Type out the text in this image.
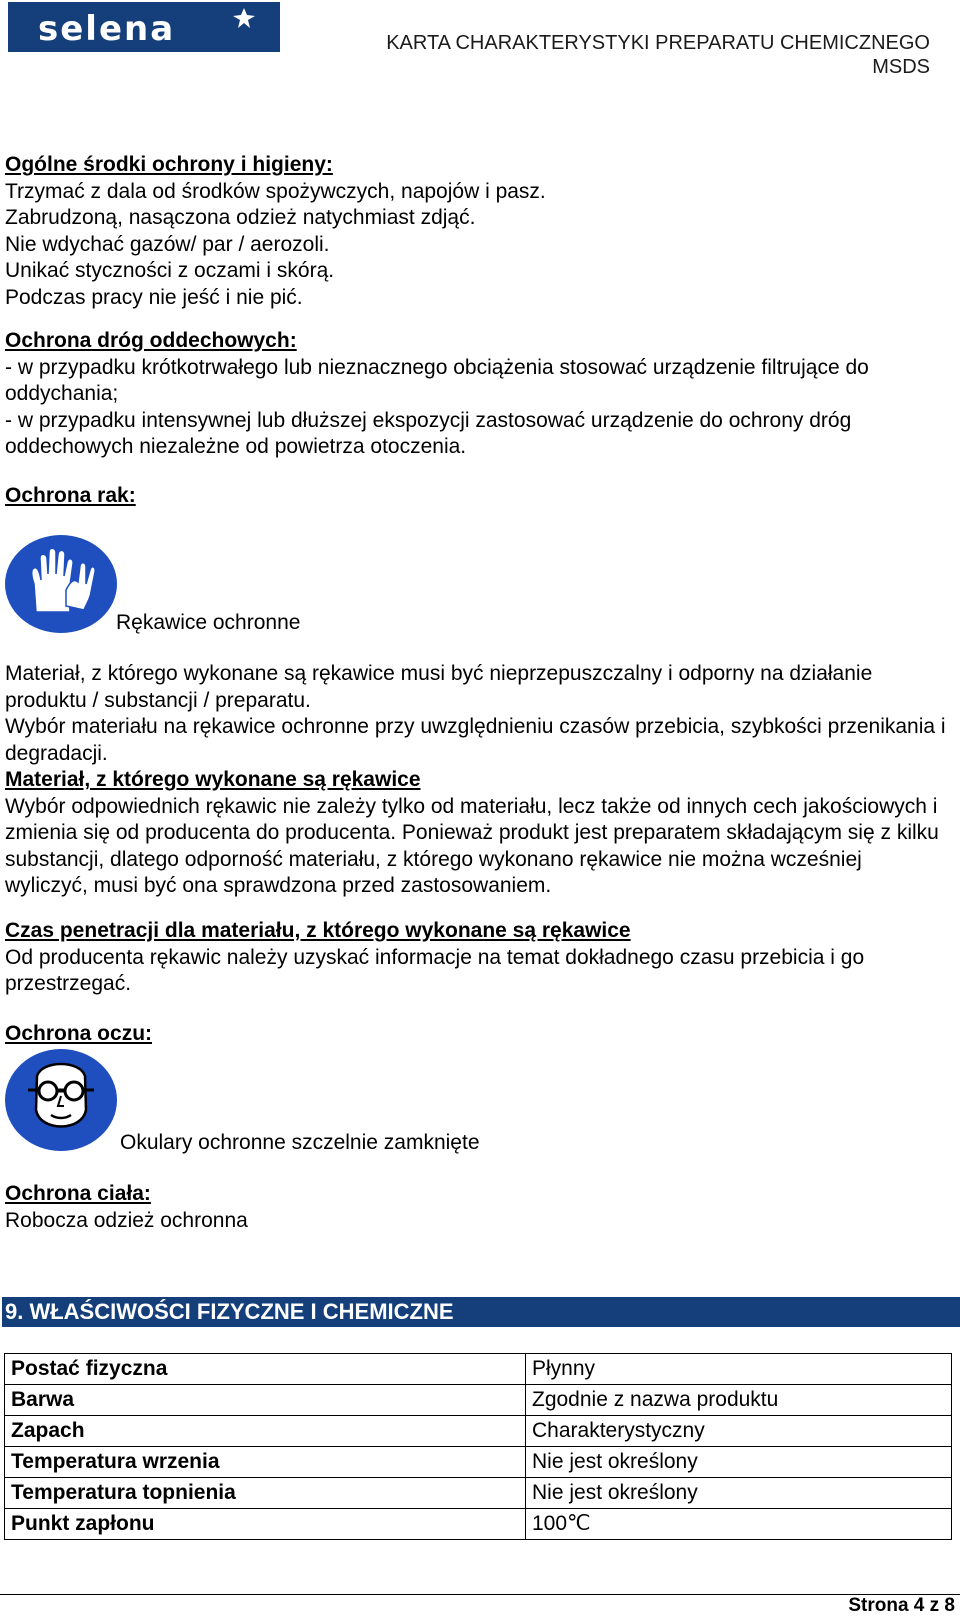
selena	KARTA CHARAKTERYSTYKI PREPARATU CHEMICZNEGO
MSDS

Ogólne środki ochrony i higieny:

Trzymać z dala od środków spożywczych, napojów i pasz.

Zabrudzoną, nasączona odzież natychmiast zdjąć.

Nie wdychać gazów/ par / aerozoli.

Unikać styczności z oczami i skórą.

Podczas pracy nie jeść i nie pić.

Ochrona dróg oddechowych:

- w przypadku krótkotrwałego lub nieznacznego obciążenia stosować urządzenie filtrujące do oddychania;

- w przypadku intensywnej lub dłuższej ekspozycji zastosować urządzenie do ochrony dróg oddechowych niezależne od powietrza otoczenia.

Ochrona rak:

Rękawice ochronne

Materiał, z którego wykonane są rękawice musi być nieprzepuszczalny i odporny na działanie produktu / substancji / preparatu.

Wybór materiału na rękawice ochronne przy uwzględnieniu czasów przebicia, szybkości przenikania i degradacji.

Materiał, z którego wykonane są rękawice

Wybór odpowiednich rękawic nie zależy tylko od materiału, lecz także od innych cech jakościowych i zmienia się od producenta do producenta. Ponieważ produkt jest preparatem składającym się z kilku substancji, dlatego odporność materiału, z którego wykonano rękawice nie można wcześniej wyliczyć, musi być ona sprawdzona przed zastosowaniem.

Czas penetracji dla materiału, z którego wykonane są rękawice

Od producenta rękawic należy uzyskać informacje na temat dokładnego czasu przebicia i go przestrzegać.

Ochrona oczu:

Okulary ochronne szczelnie zamknięte

Ochrona ciała:

Robocza odzież ochronna

9. WŁAŚCIWOŚCI FIZYCZNE I CHEMICZNE
Postać fizyczna	Płynny
Barwa	Zgodnie z nazwa produktu
Zapach	Charakterystyczny
Temperatura wrzenia	Nie jest określony
Temperatura topnienia	Nie jest określony
Punkt zapłonu	100℃
Strona 4 z 8
